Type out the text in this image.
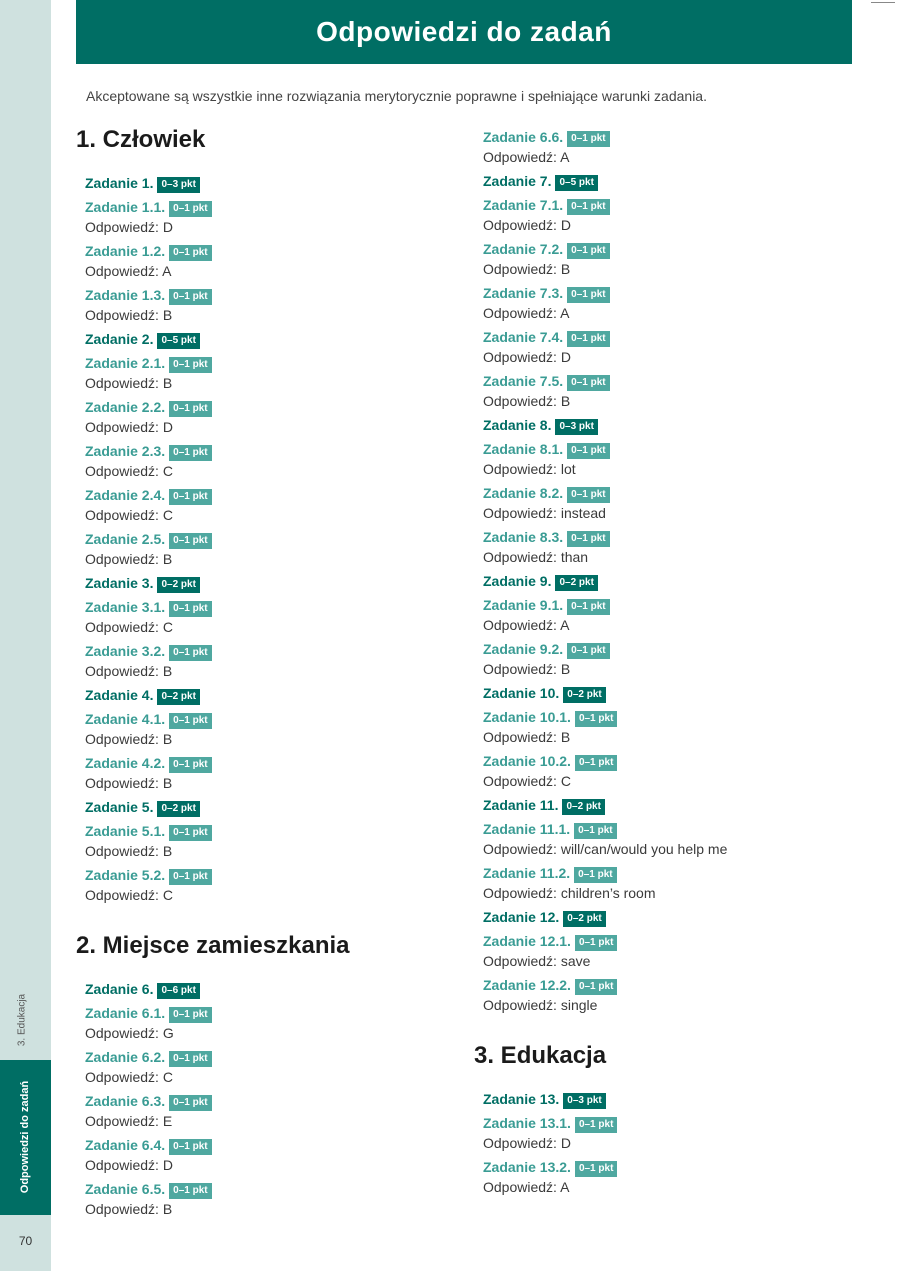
3. Edukacja
Odpowiedzi do zadań
70
Odpowiedzi do zadań
Akceptowane są wszystkie inne rozwiązania merytorycznie poprawne i spełniające warunki zadania.
1. Człowiek
Zadanie 1. 0–3 pkt
Zadanie 1.1. 0–1 pkt
Odpowiedź: D
Zadanie 1.2. 0–1 pkt
Odpowiedź: A
Zadanie 1.3. 0–1 pkt
Odpowiedź: B
Zadanie 2. 0–5 pkt
Zadanie 2.1. 0–1 pkt
Odpowiedź: B
Zadanie 2.2. 0–1 pkt
Odpowiedź: D
Zadanie 2.3. 0–1 pkt
Odpowiedź: C
Zadanie 2.4. 0–1 pkt
Odpowiedź: C
Zadanie 2.5. 0–1 pkt
Odpowiedź: B
Zadanie 3. 0–2 pkt
Zadanie 3.1. 0–1 pkt
Odpowiedź: C
Zadanie 3.2. 0–1 pkt
Odpowiedź: B
Zadanie 4. 0–2 pkt
Zadanie 4.1. 0–1 pkt
Odpowiedź: B
Zadanie 4.2. 0–1 pkt
Odpowiedź: B
Zadanie 5. 0–2 pkt
Zadanie 5.1. 0–1 pkt
Odpowiedź: B
Zadanie 5.2. 0–1 pkt
Odpowiedź: C
2. Miejsce zamieszkania
Zadanie 6. 0–6 pkt
Zadanie 6.1. 0–1 pkt
Odpowiedź: G
Zadanie 6.2. 0–1 pkt
Odpowiedź: C
Zadanie 6.3. 0–1 pkt
Odpowiedź: E
Zadanie 6.4. 0–1 pkt
Odpowiedź: D
Zadanie 6.5. 0–1 pkt
Odpowiedź: B
Zadanie 6.6. 0–1 pkt
Odpowiedź: A
Zadanie 7. 0–5 pkt
Zadanie 7.1. 0–1 pkt
Odpowiedź: D
Zadanie 7.2. 0–1 pkt
Odpowiedź: B
Zadanie 7.3. 0–1 pkt
Odpowiedź: A
Zadanie 7.4. 0–1 pkt
Odpowiedź: D
Zadanie 7.5. 0–1 pkt
Odpowiedź: B
Zadanie 8. 0–3 pkt
Zadanie 8.1. 0–1 pkt
Odpowiedź: lot
Zadanie 8.2. 0–1 pkt
Odpowiedź: instead
Zadanie 8.3. 0–1 pkt
Odpowiedź: than
Zadanie 9. 0–2 pkt
Zadanie 9.1. 0–1 pkt
Odpowiedź: A
Zadanie 9.2. 0–1 pkt
Odpowiedź: B
Zadanie 10. 0–2 pkt
Zadanie 10.1. 0–1 pkt
Odpowiedź: B
Zadanie 10.2. 0–1 pkt
Odpowiedź: C
Zadanie 11. 0–2 pkt
Zadanie 11.1. 0–1 pkt
Odpowiedź: will/can/would you help me
Zadanie 11.2. 0–1 pkt
Odpowiedź: children’s room
Zadanie 12. 0–2 pkt
Zadanie 12.1. 0–1 pkt
Odpowiedź: save
Zadanie 12.2. 0–1 pkt
Odpowiedź: single
3. Edukacja
Zadanie 13. 0–3 pkt
Zadanie 13.1. 0–1 pkt
Odpowiedź: D
Zadanie 13.2. 0–1 pkt
Odpowiedź: A
